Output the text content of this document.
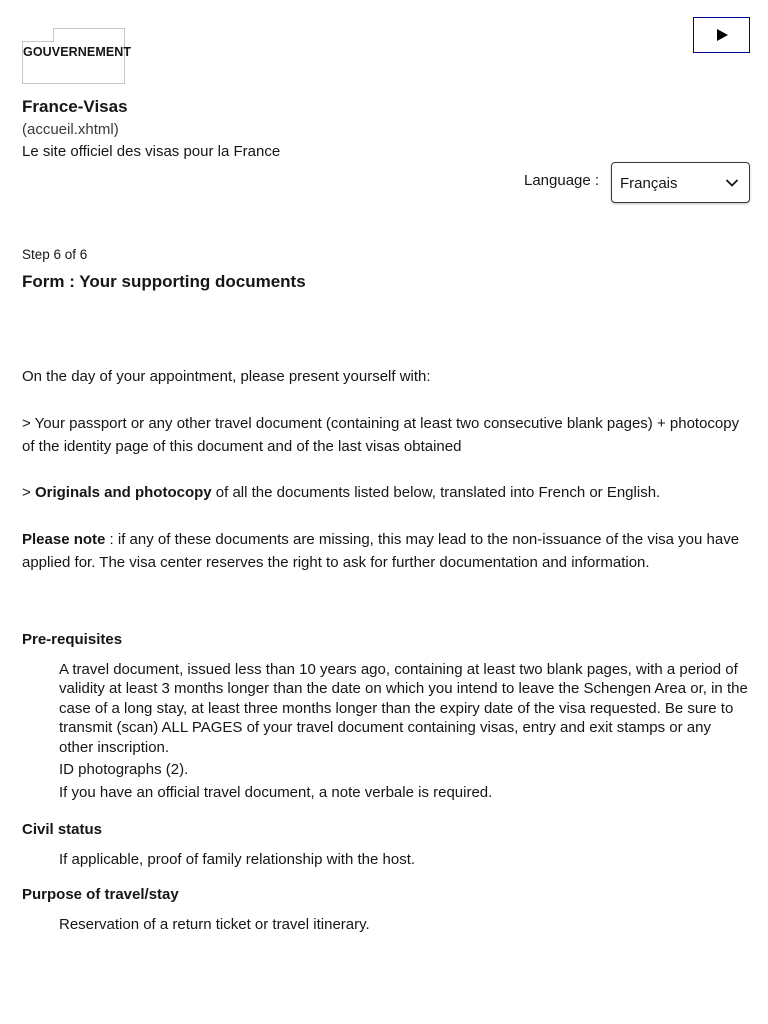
GOUVERNEMENT
France-Visas
(accueil.xhtml)
Le site officiel des visas pour la France
Language : Français
Step 6 of 6
Form : Your supporting documents
On the day of your appointment, please present yourself with:
> Your passport or any other travel document (containing at least two consecutive blank pages) + photocopy of the identity page of this document and of the last visas obtained
> Originals and photocopy of all the documents listed below, translated into French or English.
Please note : if any of these documents are missing, this may lead to the non-issuance of the visa you have applied for. The visa center reserves the right to ask for further documentation and information.
Pre-requisites
A travel document, issued less than 10 years ago, containing at least two blank pages, with a period of validity at least 3 months longer than the date on which you intend to leave the Schengen Area or, in the case of a long stay, at least three months longer than the expiry date of the visa requested. Be sure to transmit (scan) ALL PAGES of your travel document containing visas, entry and exit stamps or any other inscription.
ID photographs (2).
If you have an official travel document, a note verbale is required.
Civil status
If applicable, proof of family relationship with the host.
Purpose of travel/stay
Reservation of a return ticket or travel itinerary.
